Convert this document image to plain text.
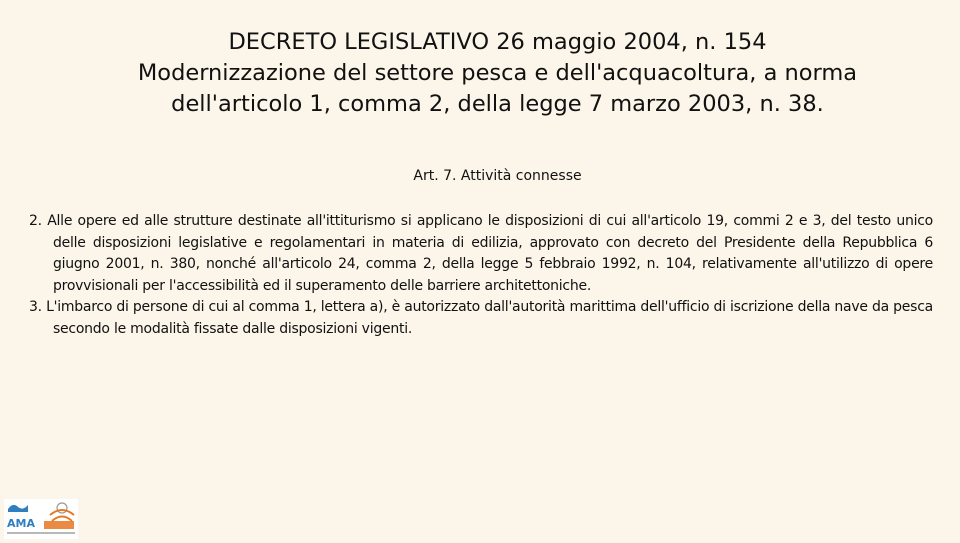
DECRETO LEGISLATIVO 26 maggio 2004, n. 154
Modernizzazione del settore pesca e dell'acquacoltura, a norma
dell'articolo 1, comma 2, della legge 7 marzo 2003, n. 38.
Art. 7. Attività connesse

2. Alle opere ed alle strutture destinate all'ittiturismo si applicano le disposizioni di cui all'articolo 19, commi 2 e 3, del testo unico delle disposizioni legislative e regolamentari in materia di edilizia, approvato con decreto del Presidente della Repubblica 6 giugno 2001, n. 380, nonché all'articolo 24, comma 2, della legge 5 febbraio 1992, n. 104, relativamente all'utilizzo di opere provvisionali per l'accessibilità ed il superamento delle barriere architettoniche.

3. L'imbarco di persone di cui al comma 1, lettera a), è autorizzato dall'autorità marittima dell'ufficio di iscrizione della nave da pesca secondo le modalità fissate dalle disposizioni vigenti.

AMA
